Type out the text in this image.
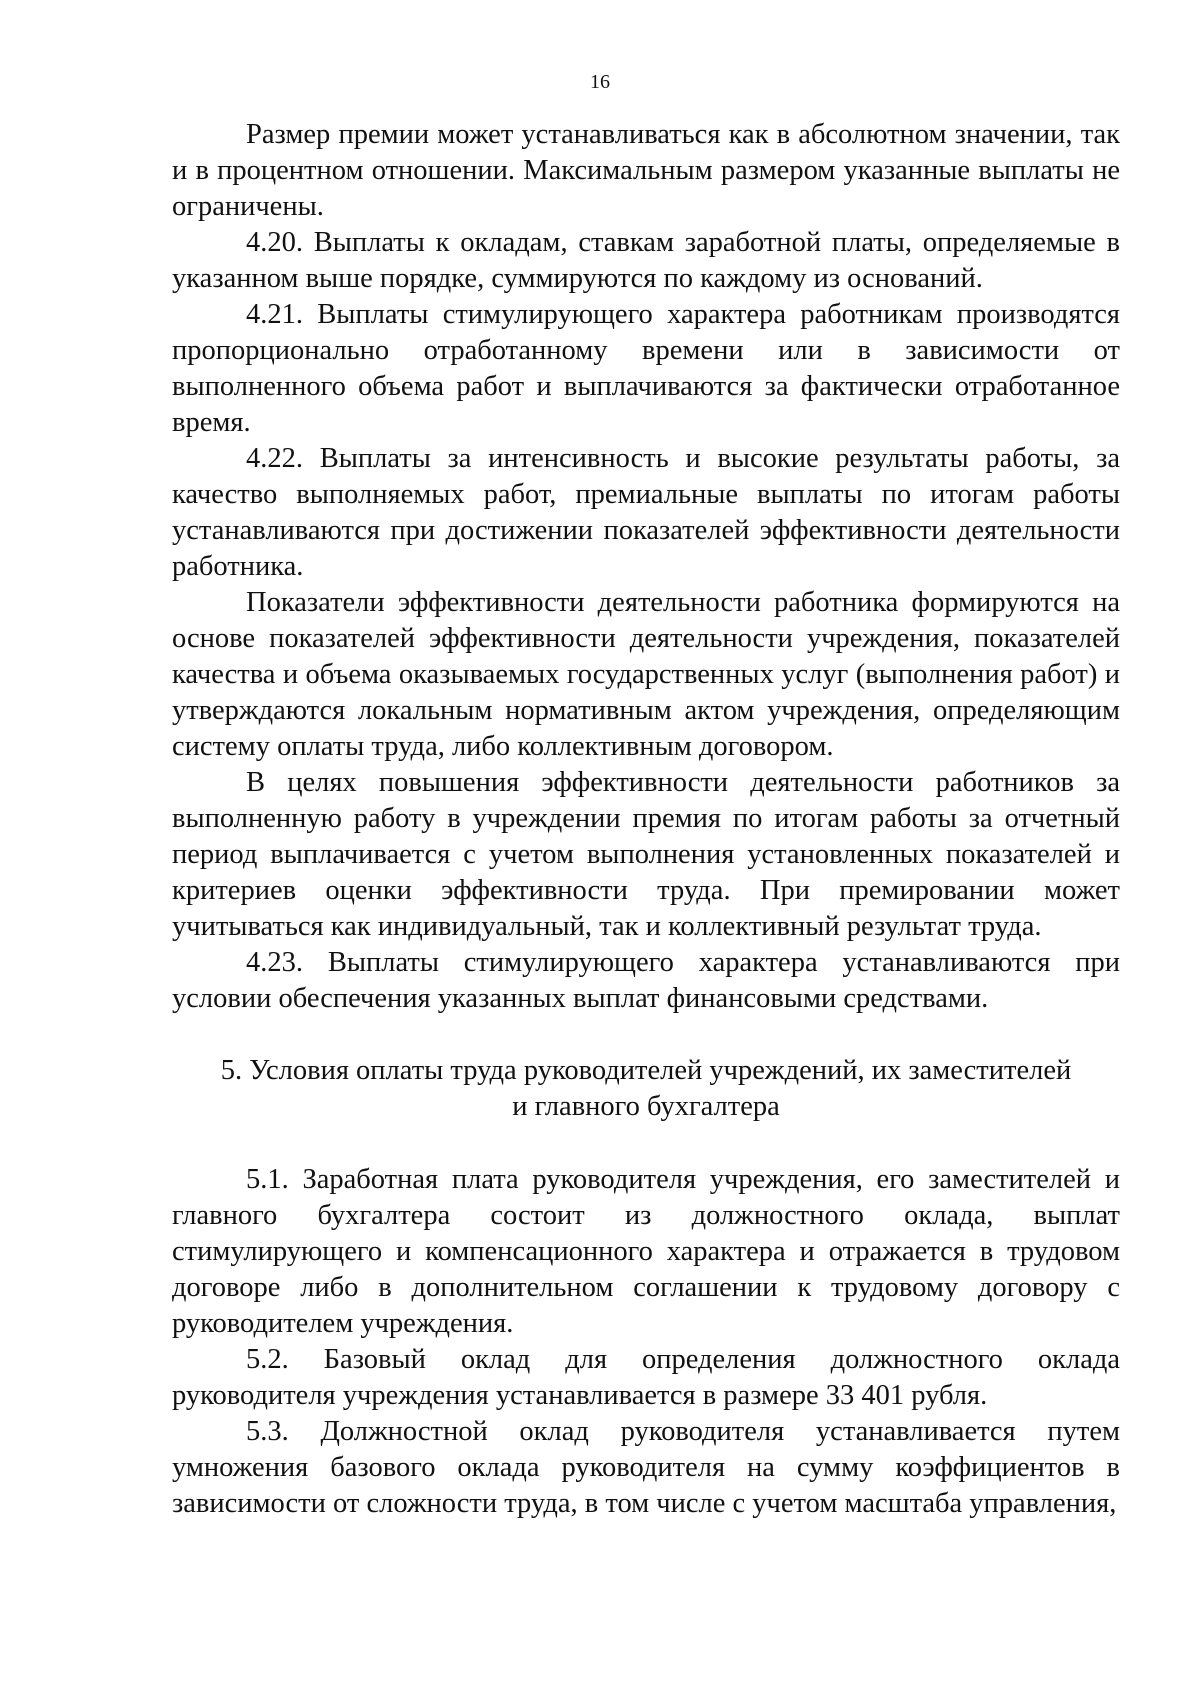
16

Размер премии может устанавливаться как в абсолютном значении, так и в процентном отношении. Максимальным размером указанные выплаты не ограничены.

4.20. Выплаты к окладам, ставкам заработной платы, определяемые в указанном выше порядке, суммируются по каждому из оснований.

4.21. Выплаты стимулирующего характера работникам производятся пропорционально отработанному времени или в зависимости от выполненного объема работ и выплачиваются за фактически отработанное время.

4.22. Выплаты за интенсивность и высокие результаты работы, за качество выполняемых работ, премиальные выплаты по итогам работы устанавливаются при достижении показателей эффективности деятельности работника.

Показатели эффективности деятельности работника формируются на основе показателей эффективности деятельности учреждения, показателей качества и объема оказываемых государственных услуг (выполнения работ) и утверждаются локальным нормативным актом учреждения, определяющим систему оплаты труда, либо коллективным договором.

В целях повышения эффективности деятельности работников за выполненную работу в учреждении премия по итогам работы за отчетный период выплачивается с учетом выполнения установленных показателей и критериев оценки эффективности труда. При премировании может учитываться как индивидуальный, так и коллективный результат труда.

4.23. Выплаты стимулирующего характера устанавливаются при условии обеспечения указанных выплат финансовыми средствами.

5. Условия оплаты труда руководителей учреждений, их заместителей
и главного бухгалтера

5.1. Заработная плата руководителя учреждения, его заместителей и главного бухгалтера состоит из должностного оклада, выплат стимулирующего и компенсационного характера и отражается в трудовом договоре либо в дополнительном соглашении к трудовому договору с руководителем учреждения.

5.2. Базовый оклад для определения должностного оклада руководителя учреждения устанавливается в размере 33 401 рубля.

5.3. Должностной оклад руководителя устанавливается путем умножения базового оклада руководителя на сумму коэффициентов в зависимости от сложности труда, в том числе с учетом масштаба управления,
